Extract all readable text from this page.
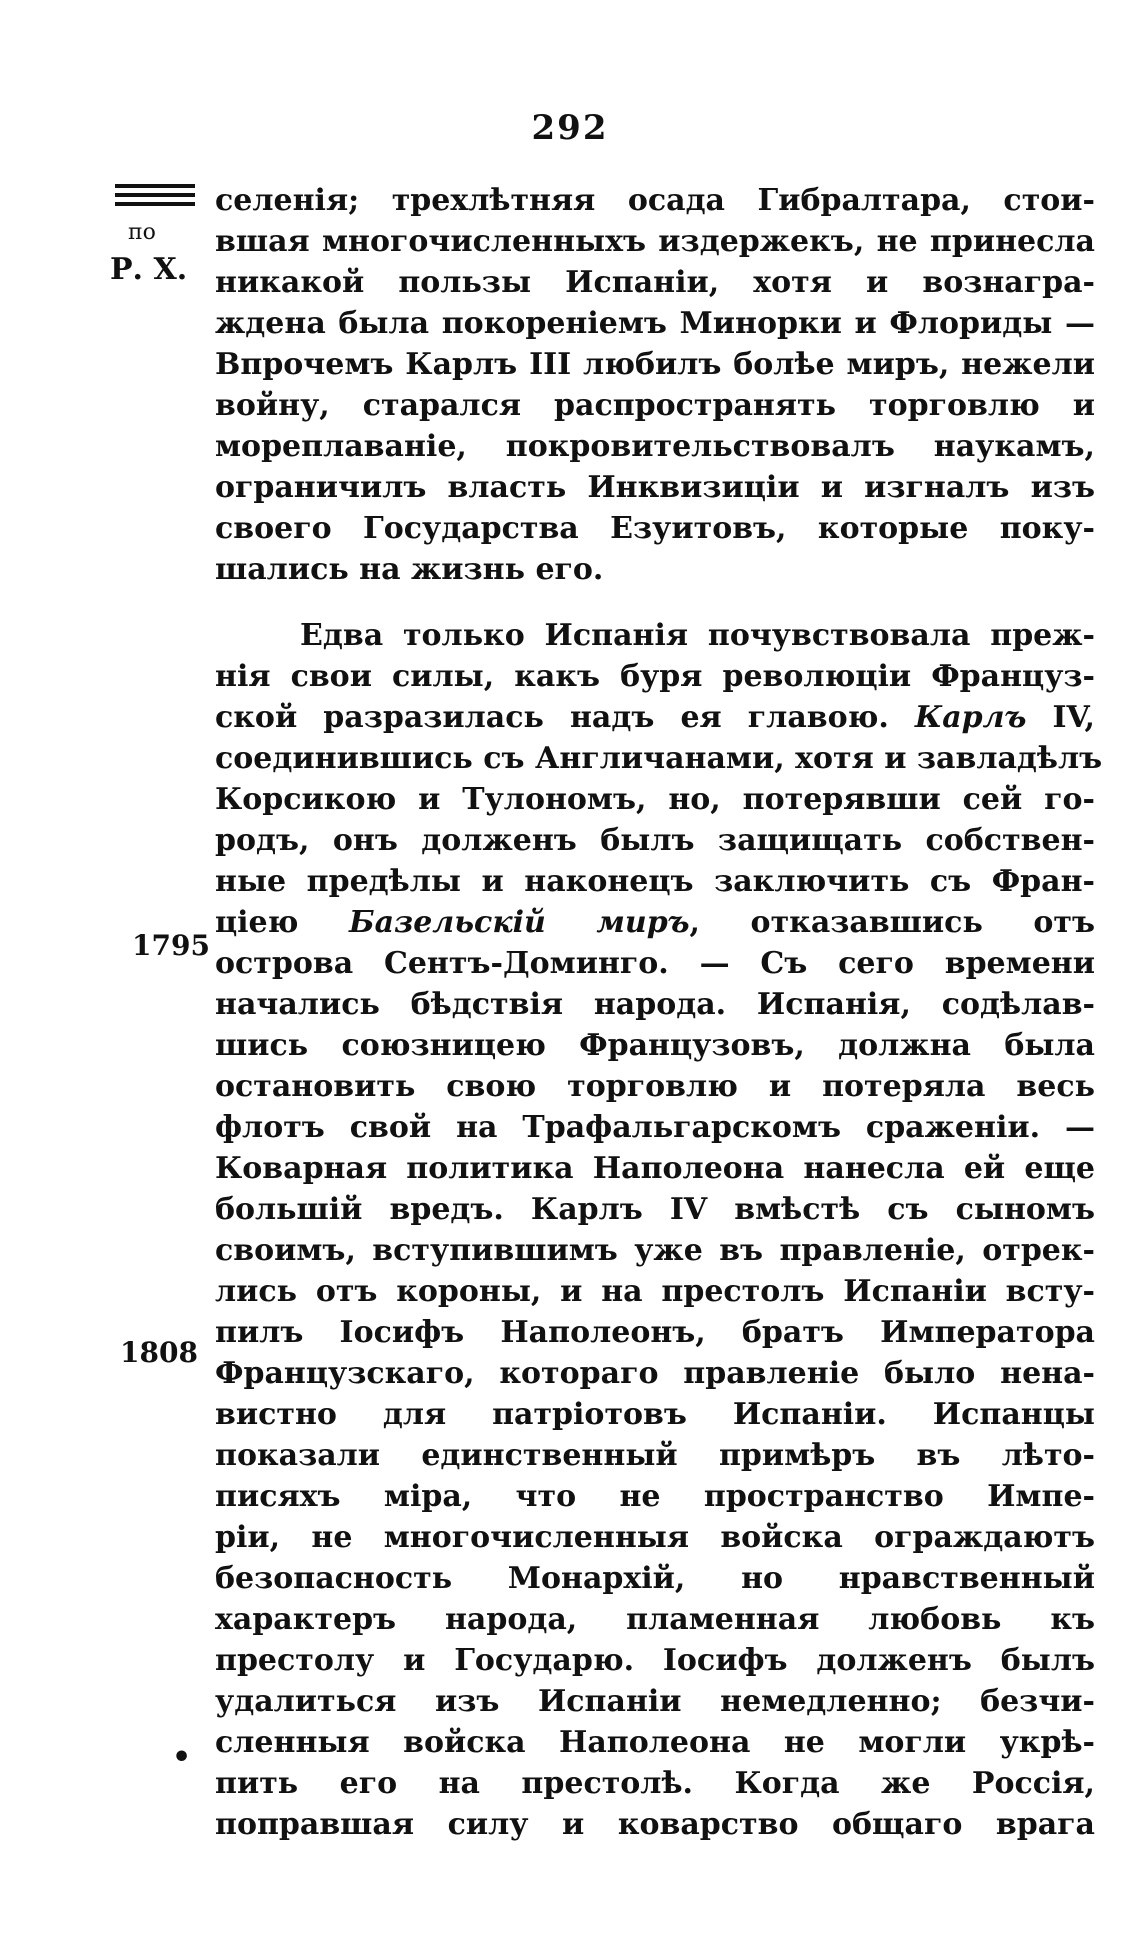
292
по
Р. Х.
1795
1808
•
селенія; трехлѣтняя осада Гибралтара, стои-
вшая многочисленныхъ издержекъ, не принесла
никакой пользы Испаніи, хотя и вознагра-
ждена была покореніемъ Минорки и Флориды —
Впрочемъ Карлъ III любилъ болѣе миръ, нежели
войну, старался распространять торговлю и
мореплаваніе, покровительствовалъ наукамъ,
ограничилъ власть Инквизиціи и изгналъ изъ
своего Государства Езуитовъ, которые поку-
шались на жизнь его.
Едва только Испанія почувствовала преж-
нія свои силы, какъ буря революціи Француз-
ской разразилась надъ ея главою. Карлъ IV,
соединившись съ Англичанами, хотя и завладѣлъ
Корсикою и Тулономъ, но, потерявши сей го-
родъ, онъ долженъ былъ защищать собствен-
ные предѣлы и наконецъ заключить съ Фран-
ціею Базельскій миръ, отказавшись отъ
острова Сентъ-Доминго. — Съ сего времени
начались бѣдствія народа. Испанія, содѣлав-
шись союзницею Французовъ, должна была
остановить свою торговлю и потеряла весь
флотъ свой на Трафальгарскомъ сраженіи. —
Коварная политика Наполеона нанесла ей еще
большій вредъ. Карлъ IV вмѣстѣ съ сыномъ
своимъ, вступившимъ уже въ правленіе, отрек-
лись отъ короны, и на престолъ Испаніи всту-
пилъ Іосифъ Наполеонъ, братъ Императора
Французскаго, котораго правленіе было нена-
вистно для патріотовъ Испаніи. Испанцы
показали единственный примѣръ въ лѣто-
писяхъ міра, что не пространство Импе-
ріи, не многочисленныя войска ограждаютъ
безопасность Монархій, но нравственный
характеръ народа, пламенная любовь къ
престолу и Государю. Іосифъ долженъ былъ
удалиться изъ Испаніи немедленно; безчи-
сленныя войска Наполеона не могли укрѣ-
пить его на престолѣ. Когда же Россія,
поправшая силу и коварство общаго врага
